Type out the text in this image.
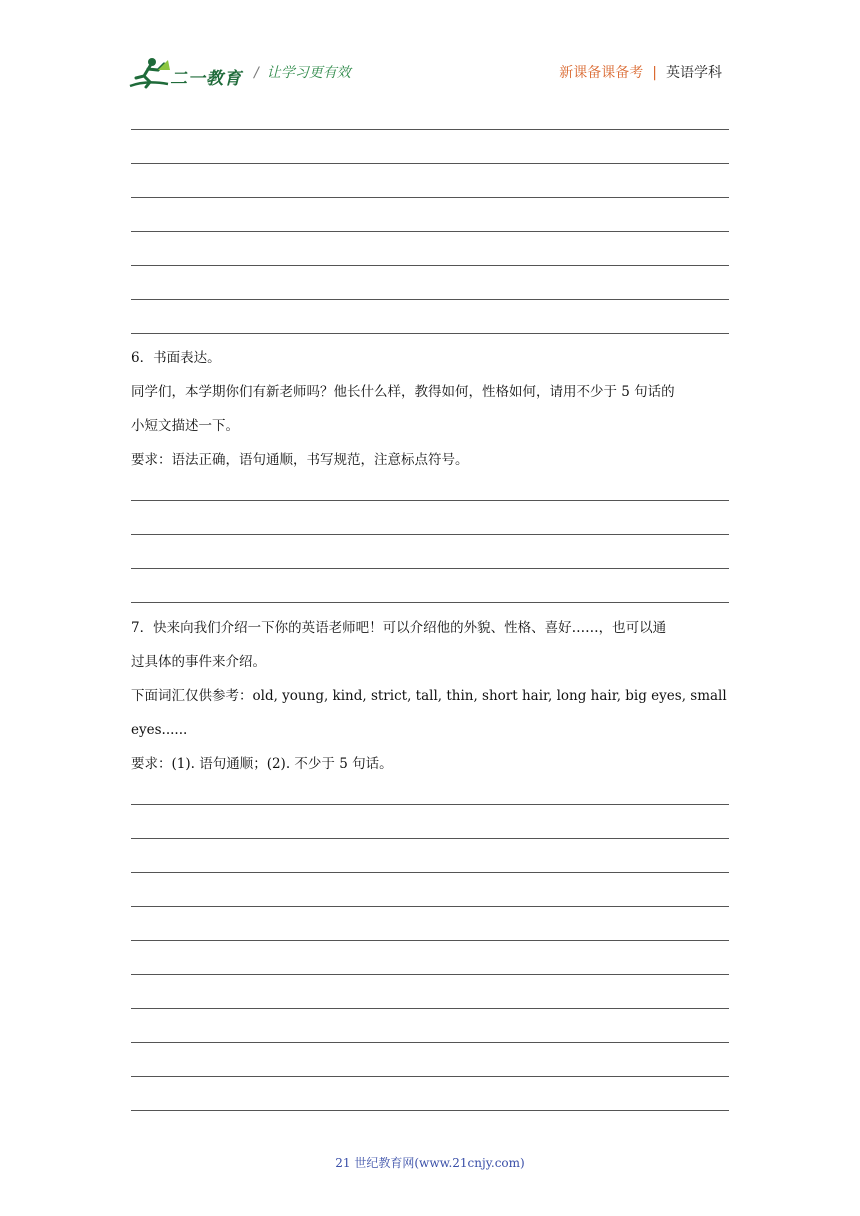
二一教育 / 让学习更有效	新课备课备考 | 英语学科
6．书面表达。
同学们，本学期你们有新老师吗？他长什么样，教得如何，性格如何，请用不少于 5 句话的
小短文描述一下。
要求：语法正确，语句通顺，书写规范，注意标点符号。
7．快来向我们介绍一下你的英语老师吧！可以介绍他的外貌、性格、喜好……，也可以通
过具体的事件来介绍。
下面词汇仅供参考：old, young, kind, strict, tall, thin, short hair, long hair, big eyes, small
eyes......
要求：(1). 语句通顺；(2). 不少于 5 句话。
21 世纪教育网(www.21cnjy.com)
